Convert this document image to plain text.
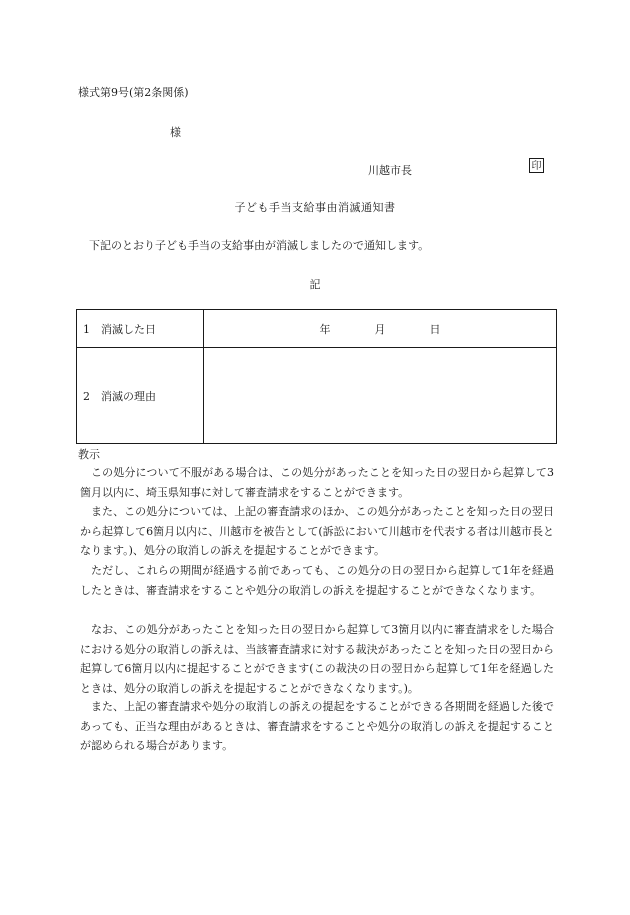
様式第9号(第2条関係)
様
川越市長	印
子ども手当支給事由消滅通知書
下記のとおり子ども手当の支給事由が消滅しましたので通知します。
記
1　消滅した日	年 月 日
2　消滅の理由	
教示
この処分について不服がある場合は、この処分があったことを知った日の翌日から起算して3箇月以内に、埼玉県知事に対して審査請求をすることができます。
また、この処分については、上記の審査請求のほか、この処分があったことを知った日の翌日から起算して6箇月以内に、川越市を被告として(訴訟において川越市を代表する者は川越市長となります。)、処分の取消しの訴えを提起することができます。
ただし、これらの期間が経過する前であっても、この処分の日の翌日から起算して1年を経過したときは、審査請求をすることや処分の取消しの訴えを提起することができなくなります。
なお、この処分があったことを知った日の翌日から起算して3箇月以内に審査請求をした場合における処分の取消しの訴えは、当該審査請求に対する裁決があったことを知った日の翌日から起算して6箇月以内に提起することができます(この裁決の日の翌日から起算して1年を経過したときは、処分の取消しの訴えを提起することができなくなります。)。
また、上記の審査請求や処分の取消しの訴えの提起をすることができる各期間を経過した後であっても、正当な理由があるときは、審査請求をすることや処分の取消しの訴えを提起することが認められる場合があります。
